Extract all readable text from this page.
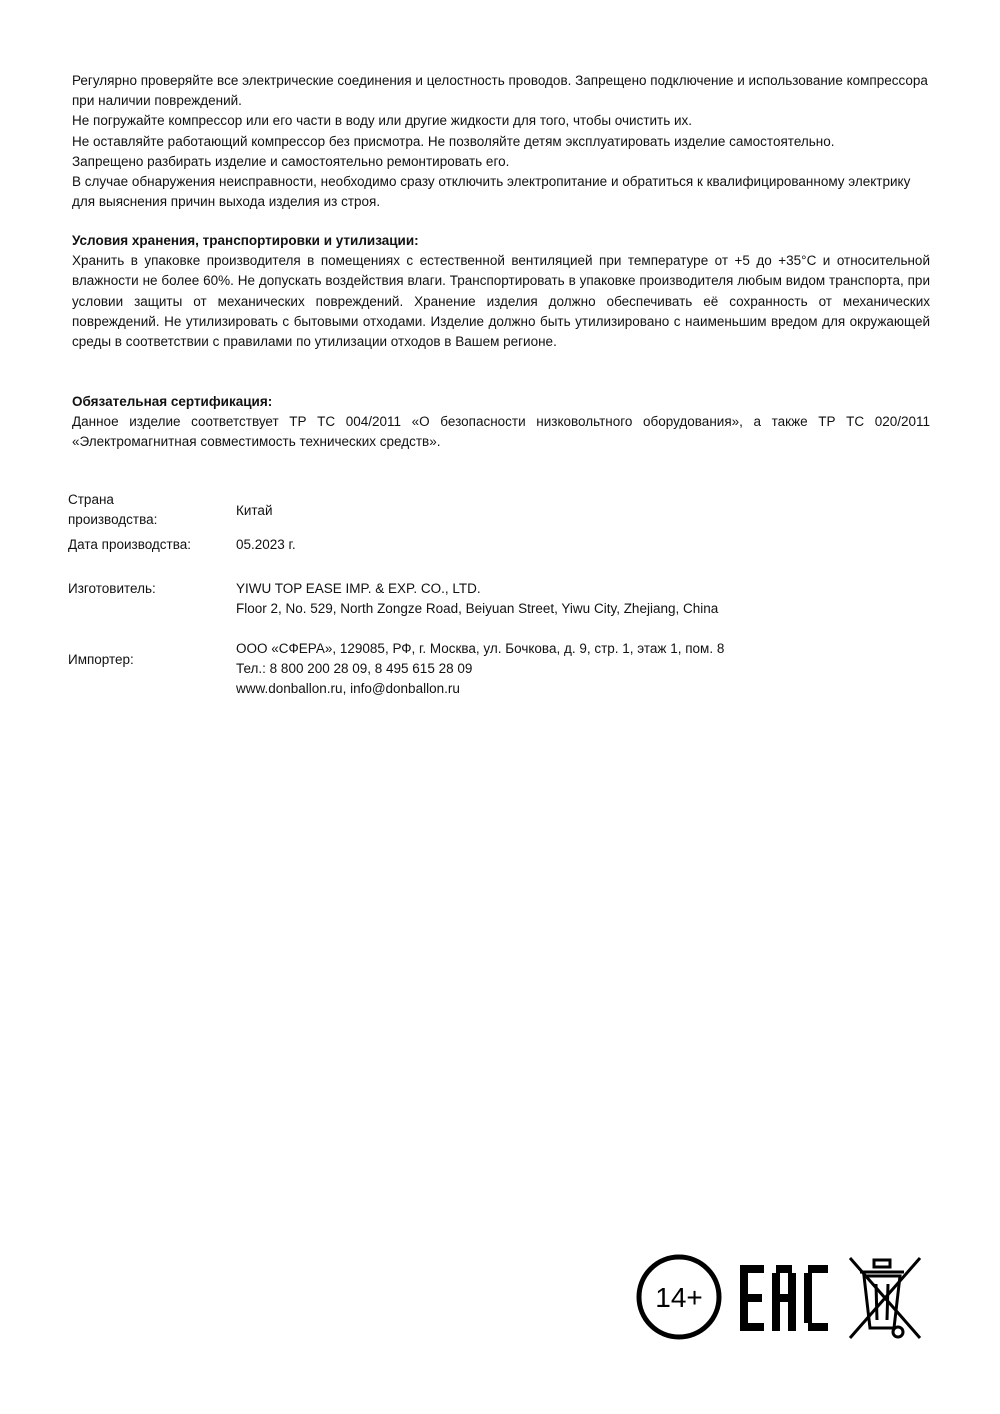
Регулярно проверяйте все электрические соединения и целостность проводов. Запрещено подключение и использование компрессора при наличии повреждений.

Не погружайте компрессор или его части в воду или другие жидкости для того, чтобы очистить их.

Не оставляйте работающий компрессор без присмотра. Не позволяйте детям эксплуатировать изделие самостоятельно.

Запрещено разбирать изделие и самостоятельно ремонтировать его.

В случае обнаружения неисправности, необходимо сразу отключить электропитание и обратиться к квалифицированному электрику для выяснения причин выхода изделия из строя.

Условия хранения, транспортировки и утилизации:

Хранить в упаковке производителя в помещениях с естественной вентиляцией при температуре от +5 до +35°С и относительной влажности не более 60%. Не допускать воздействия влаги. Транспортировать в упаковке производителя любым видом транспорта, при условии защиты от механических повреждений. Хранение изделия должно обеспечивать её сохранность от механических повреждений. Не утилизировать с бытовыми отходами. Изделие должно быть утилизировано с наименьшим вредом для окружающей среды в соответствии с правилами по утилизации отходов в Вашем регионе.

Обязательная сертификация:

Данное изделие соответствует ТР ТС 004/2011 «О безопасности низковольтного оборудования», а также ТР ТС 020/2011 «Электромагнитная совместимость технических средств».

Страна
производства:
Китай
Дата производства:	05.2023 г.
Изготовитель:	YIWU TOP EASE IMP. & EXP. CO., LTD.
Floor 2, No. 529, North Zongze Road, Beiyuan Street, Yiwu City, Zhejiang, China
Импортер:
ООО «СФЕРА», 129085, РФ, г. Москва, ул. Бочкова, д. 9, стр. 1, этаж 1, пом. 8
Тел.: 8 800 200 28 09, 8 495 615 28 09
www.donballon.ru, info@donballon.ru
14+
